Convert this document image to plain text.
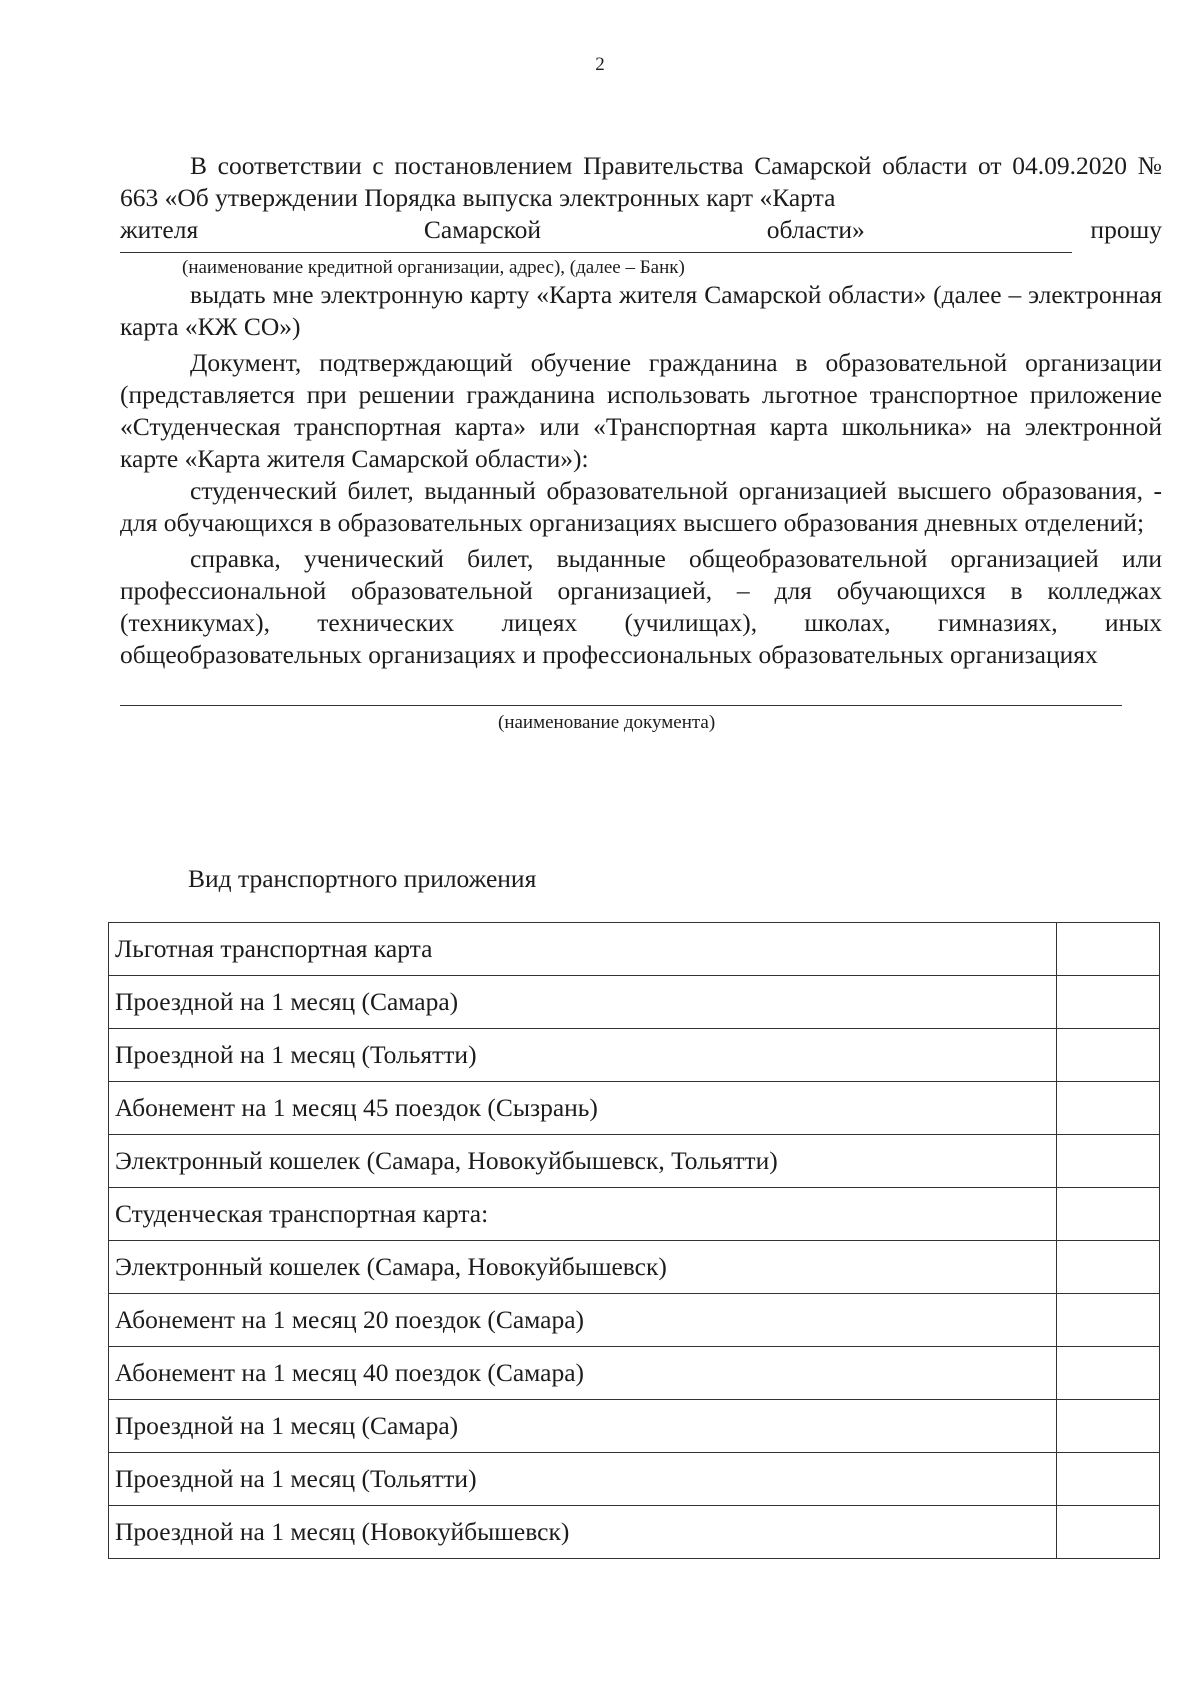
2

В соответствии с постановлением Правительства Самарской области от 04.09.2020 № 663 «Об утверждении Порядка выпуска электронных карт «Карта

жителя	Самарской	области»	прошу
(наименование кредитной организации, адрес), (далее – Банк)

выдать мне электронную карту «Карта жителя Самарской области» (далее – электронная карта «КЖ СО»)

Документ, подтверждающий обучение гражданина в образовательной организации (представляется при решении гражданина использовать льготное транспортное приложение «Студенческая транспортная карта» или «Транспортная карта школьника» на электронной карте «Карта жителя Самарской области»):

студенческий билет, выданный образовательной организацией высшего образования, - для обучающихся в образовательных организациях высшего образования дневных отделений;

справка, ученический билет, выданные общеобразовательной организацией или профессиональной образовательной организацией, – для обучающихся в колледжах (техникумах), технических лицеях (училищах), школах, гимназиях, иных общеобразовательных организациях и профессиональных образовательных организациях

(наименование документа)
Вид транспортного приложения
Льготная транспортная карта	
Проездной на 1 месяц (Самара)	
Проездной на 1 месяц (Тольятти)	
Абонемент на 1 месяц 45 поездок (Сызрань)	
Электронный кошелек (Самара, Новокуйбышевск, Тольятти)	
Студенческая транспортная карта:	
Электронный кошелек (Самара, Новокуйбышевск)	
Абонемент на 1 месяц 20 поездок (Самара)	
Абонемент на 1 месяц 40 поездок (Самара)	
Проездной на 1 месяц (Самара)	
Проездной на 1 месяц (Тольятти)	
Проездной на 1 месяц (Новокуйбышевск)	
